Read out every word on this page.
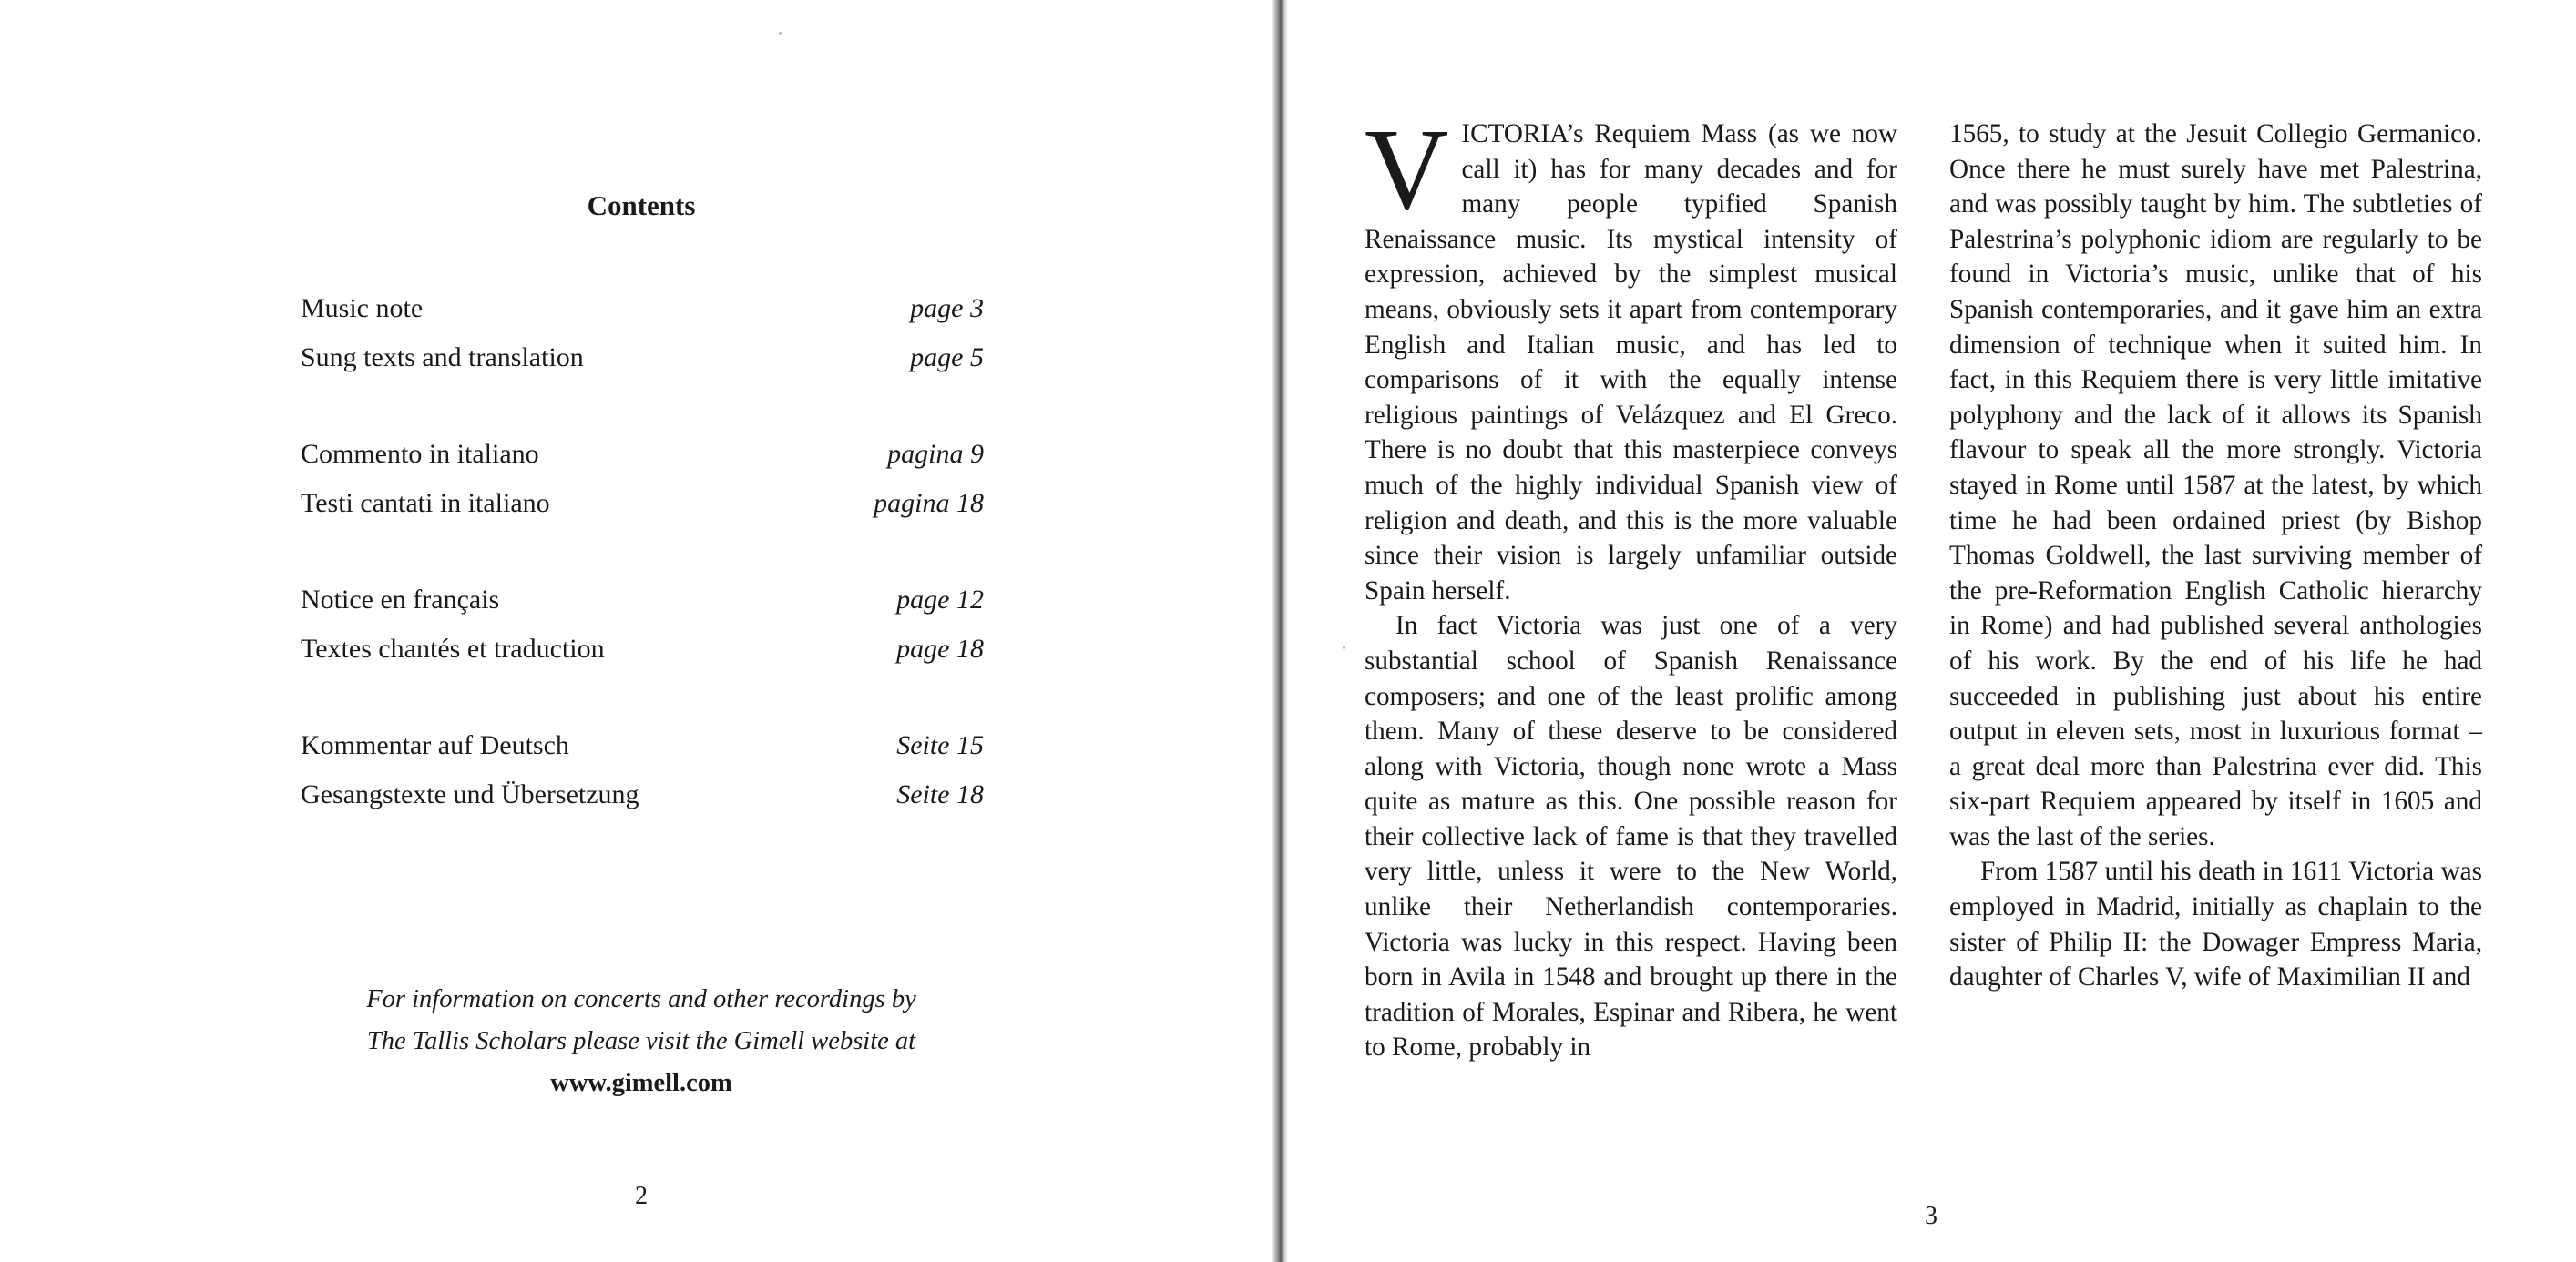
Contents
Music note	page 3
Sung texts and translation	page 5
Commento in italiano	pagina 9
Testi cantati in italiano	pagina 18
Notice en français	page 12
Textes chantés et traduction	page 18
Kommentar auf Deutsch	Seite 15
Gesangstexte und Übersetzung	Seite 18
For information on concerts and other recordings by
The Tallis Scholars please visit the Gimell website at
www.gimell.com
2

VICTORIA’s Requiem Mass (as we now call it) has for many decades and for many people typified Spanish Renaissance music. Its mystical intensity of expression, achieved by the simplest musical means, obviously sets it apart from contemporary English and Italian music, and has led to comparisons of it with the equally intense religious paintings of Velázquez and El Greco. There is no doubt that this masterpiece conveys much of the highly individual Spanish view of religion and death, and this is the more valuable since their vision is largely unfamiliar outside Spain herself.

In fact Victoria was just one of a very substantial school of Spanish Renaissance composers; and one of the least prolific among them. Many of these deserve to be considered along with Victoria, though none wrote a Mass quite as mature as this. One possible reason for their collective lack of fame is that they travelled very little, unless it were to the New World, unlike their Netherlandish contemporaries. Victoria was lucky in this respect. Having been born in Avila in 1548 and brought up there in the tradition of Morales, Espinar and Ribera, he went to Rome, probably in

1565, to study at the Jesuit Collegio Germanico. Once there he must surely have met Palestrina, and was possibly taught by him. The subtleties of Palestrina’s polyphonic idiom are regularly to be found in Victoria’s music, unlike that of his Spanish contemporaries, and it gave him an extra dimension of technique when it suited him. In fact, in this Requiem there is very little imitative polyphony and the lack of it allows its Spanish flavour to speak all the more strongly. Victoria stayed in Rome until 1587 at the latest, by which time he had been ordained priest (by Bishop Thomas Goldwell, the last surviving member of the pre-Reformation English Catholic hierarchy in Rome) and had published several anthologies of his work. By the end of his life he had succeeded in publishing just about his entire output in eleven sets, most in luxurious format – a great deal more than Palestrina ever did. This six-part Requiem appeared by itself in 1605 and was the last of the series.

From 1587 until his death in 1611 Victoria was employed in Madrid, initially as chaplain to the sister of Philip II: the Dowager Empress Maria, daughter of Charles V, wife of Maximilian II and

3
